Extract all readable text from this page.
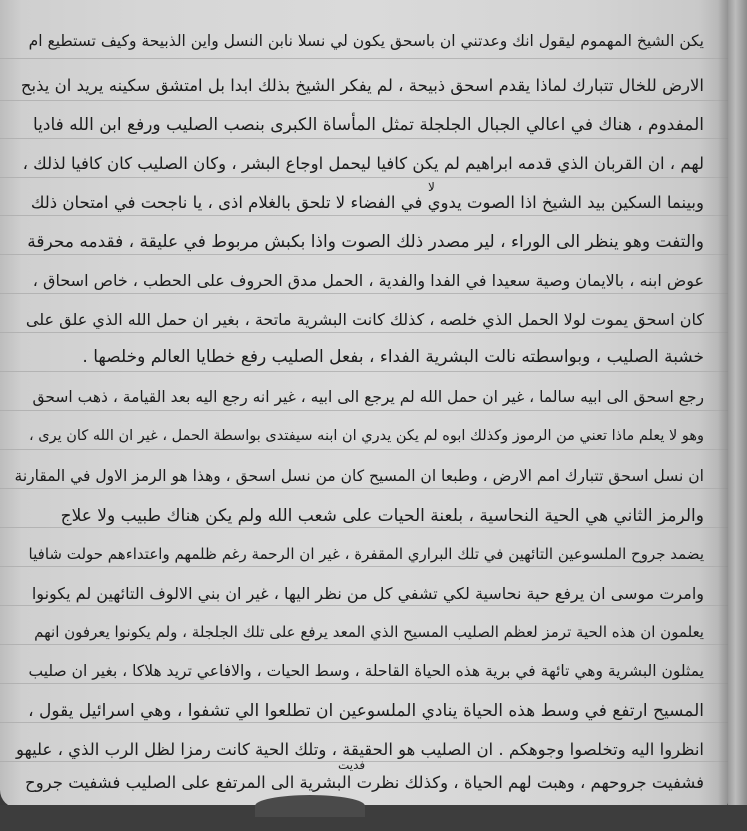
يكن الشيخ المهموم ليقول انك وعدتني ان باسحق يكون لي نسلا نابن النسل واين الذبيحة وكيف تستطيع ام
الارض للخال تتبارك لماذا يقدم اسحق ذبيحة ، لم يفكر الشيخ بذلك ابدا بل امتشق سكينه يريد ان يذبح
المفدوم ، هناك في اعالي الجبال الجلجلة تمثل المأساة الكبرى بنصب الصليب ورفع ابن الله فاديا
لهم ، ان القربان الذي قدمه ابراهيم لم يكن كافيا ليحمل اوجاع البشر ، وكان الصليب كان كافيا لذلك ،
وبينما السكين بيد الشيخ اذا الصوت يدوي في الفضاء لا تلحق بالغلام اذى ، يا ناجحت في امتحان ذلك
والتفت وهو ينظر الى الوراء ، لير مصدر ذلك الصوت واذا بكبش مربوط في عليقة ، فقدمه محرقة
عوض ابنه ، بالايمان وصية سعيدا في الفدا والفدية ، الحمل مدق الحروف على الحطب ، خاص اسحاق ،
كان اسحق يموت لولا الحمل الذي خلصه ، كذلك كانت البشرية ماتحة ، بغير ان حمل الله الذي علق على
خشبة الصليب ، وبواسطته نالت البشرية الفداء ، بفعل الصليب رفع خطايا العالم وخلصها .
رجع اسحق الى ابيه سالما ، غير ان حمل الله لم يرجع الى ابيه ، غير انه رجع اليه بعد القيامة ، ذهب اسحق
وهو لا يعلم ماذا تعني من الرموز وكذلك ابوه لم يكن يدري ان ابنه سيفتدى بواسطة الحمل ، غير ان الله كان يرى ،
ان نسل اسحق تتبارك امم الارض ، وطبعا ان المسيح كان من نسل اسحق ، وهذا هو الرمز الاول في المقارنة
والرمز الثاني هي الحية النحاسية ، بلعنة الحيات على شعب الله ولم يكن هناك طبيب ولا علاج
يضمد جروح الملسوعين التائهين في تلك البراري المقفرة ، غير ان الرحمة رغم ظلمهم واعتداءهم حولت شافيا
وامرت موسى ان يرفع حية نحاسية لكي تشفي كل من نظر اليها ، غير ان بني الالوف التائهين لم يكونوا
يعلمون ان هذه الحية ترمز لعظم الصليب المسيح الذي المعد يرفع على تلك الجلجلة ، ولم يكونوا يعرفون انهم
يمثلون البشرية وهي تائهة في برية هذه الحياة القاحلة ، وسط الحيات ، والافاعي تريد هلاكا ، بغير ان صليب
المسيح ارتفع في وسط هذه الحياة ينادي الملسوعين ان تطلعوا الي تشفوا ، وهي اسرائيل يقول ،
انظروا اليه وتخلصوا وجوهكم . ان الصليب هو الحقيقة ، وتلك الحية كانت رمزا لظل الرب الذي ، عليهو
فشفيت جروحهم ، وهبت لهم الحياة ، وكذلك نظرت البشرية الى المرتفع على الصليب فشفيت جروح
لا
فديت
